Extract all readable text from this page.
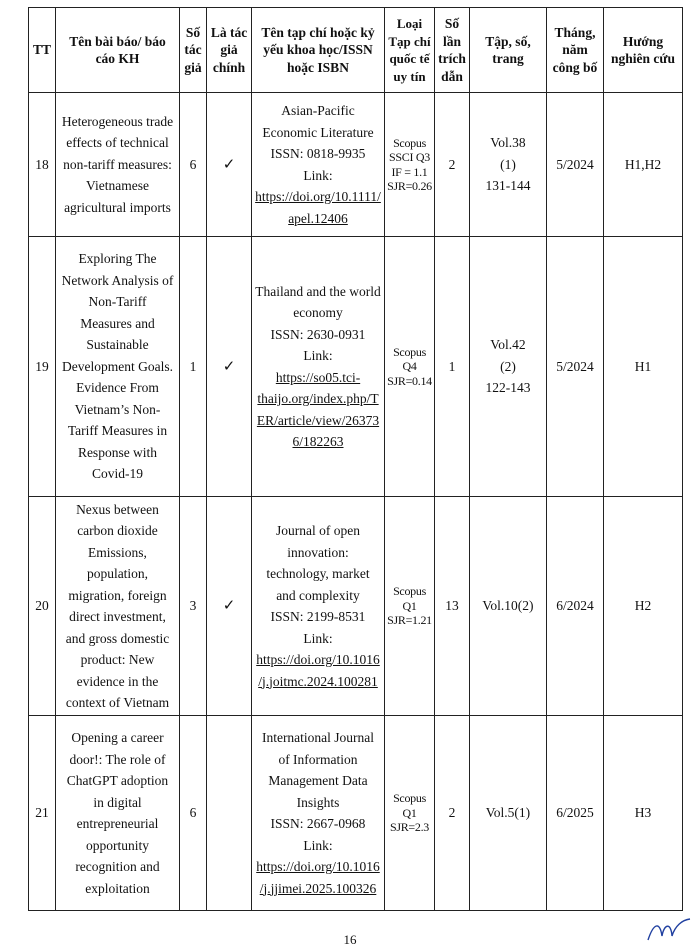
TT	Tên bài báo/ báo cáo KH	Số tác giả	Là tác giả chính	Tên tạp chí hoặc kỷ yếu khoa học/ISSN hoặc ISBN	Loại Tạp chí quốc tế uy tín	Số lần trích dẫn	Tập, số, trang	Tháng, năm công bố	Hướng nghiên cứu
18	Heterogeneous trade effects of technical non-tariff measures: Vietnamese agricultural imports	6	✓	Asian-Pacific Economic Literature
ISSN: 0818-9935
Link:
https://doi.org/10.1111/apel.12406	Scopus
SSCI Q3
IF = 1.1
SJR=0.26	2	Vol.38
(1)
131-144	5/2024	H1,H2
19	Exploring The Network Analysis of Non-Tariff Measures and Sustainable Development Goals. Evidence From Vietnam’s Non-Tariff Measures in Response with Covid-19	1	✓	Thailand and the world economy
ISSN: 2630-0931
Link:
https://so05.tci-thaijo.org/index.php/TER/article/view/263736/182263	Scopus
Q4
SJR=0.14	1	Vol.42
(2)
122-143	5/2024	H1
20	Nexus between carbon dioxide Emissions, population, migration, foreign direct investment, and gross domestic product: New evidence in the context of Vietnam	3	✓	Journal of open innovation: technology, market and complexity
ISSN: 2199-8531
Link:
https://doi.org/10.1016/j.joitmc.2024.100281	Scopus
Q1
SJR=1.21	13	Vol.10(2)	6/2024	H2
21	Opening a career door!: The role of ChatGPT adoption in digital entrepreneurial opportunity recognition and exploitation	6		International Journal of Information Management Data Insights
ISSN: 2667-0968
Link:
https://doi.org/10.1016/j.jjimei.2025.100326	Scopus
Q1
SJR=2.3	2	Vol.5(1)	6/2025	H3
16
